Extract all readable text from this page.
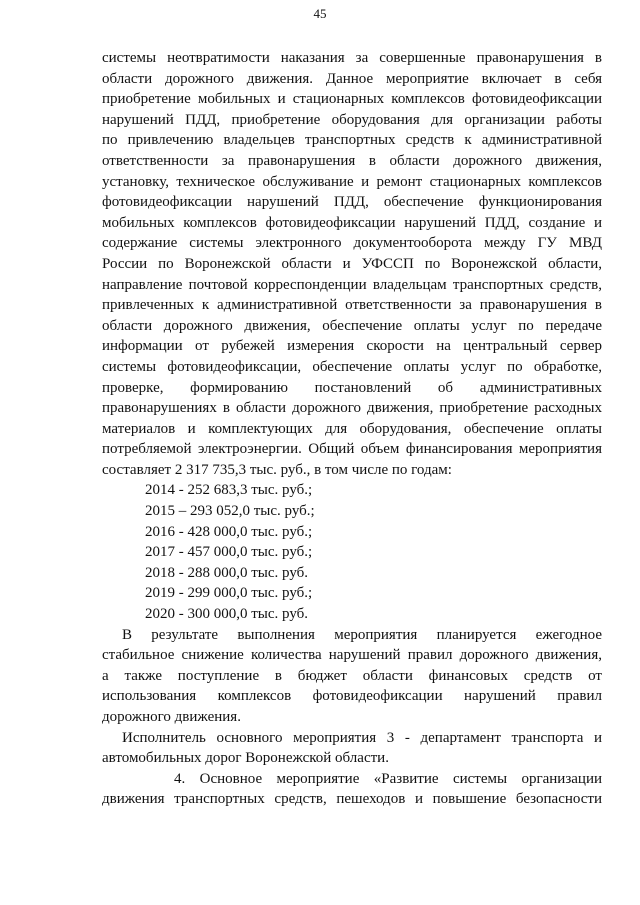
45
системы неотвратимости наказания за совершенные правонарушения в
области дорожного движения. Данное мероприятие включает в себя
приобретение мобильных и стационарных комплексов фотовидеофиксации
нарушений ПДД, приобретение оборудования для организации работы
по привлечению владельцев транспортных средств к административной
ответственности за правонарушения в области дорожного движения,
установку, техническое обслуживание и ремонт стационарных комплексов
фотовидеофиксации нарушений ПДД, обеспечение функционирования
мобильных комплексов фотовидеофиксации нарушений ПДД, создание и
содержание системы электронного документооборота между ГУ МВД
России по Воронежской области и УФССП по Воронежской области,
направление почтовой корреспонденции владельцам транспортных средств,
привлеченных к административной ответственности за правонарушения в
области дорожного движения, обеспечение оплаты услуг по передаче
информации от рубежей измерения скорости на центральный сервер
системы фотовидеофиксации, обеспечение оплаты услуг по обработке,
проверке, формированию постановлений об административных
правонарушениях в области дорожного движения, приобретение расходных
материалов и комплектующих для оборудования, обеспечение оплаты
потребляемой электроэнергии. Общий объем финансирования мероприятия
составляет 2 317 735,3 тыс. руб., в том числе по годам:
2014 - 252 683,3 тыс. руб.;
2015 – 293 052,0 тыс. руб.;
2016 - 428 000,0 тыс. руб.;
2017 - 457 000,0 тыс. руб.;
2018 - 288 000,0 тыс. руб.
2019 - 299 000,0 тыс. руб.;
2020 - 300 000,0 тыс. руб.
В результате выполнения мероприятия планируется ежегодное
стабильное снижение количества нарушений правил дорожного движения,
а также поступление в бюджет области финансовых средств от
использования комплексов фотовидеофиксации нарушений правил
дорожного движения.
Исполнитель основного мероприятия 3 - департамент транспорта и
автомобильных дорог Воронежской области.
4. Основное мероприятие «Развитие системы организации
движения транспортных средств, пешеходов и повышение безопасности
